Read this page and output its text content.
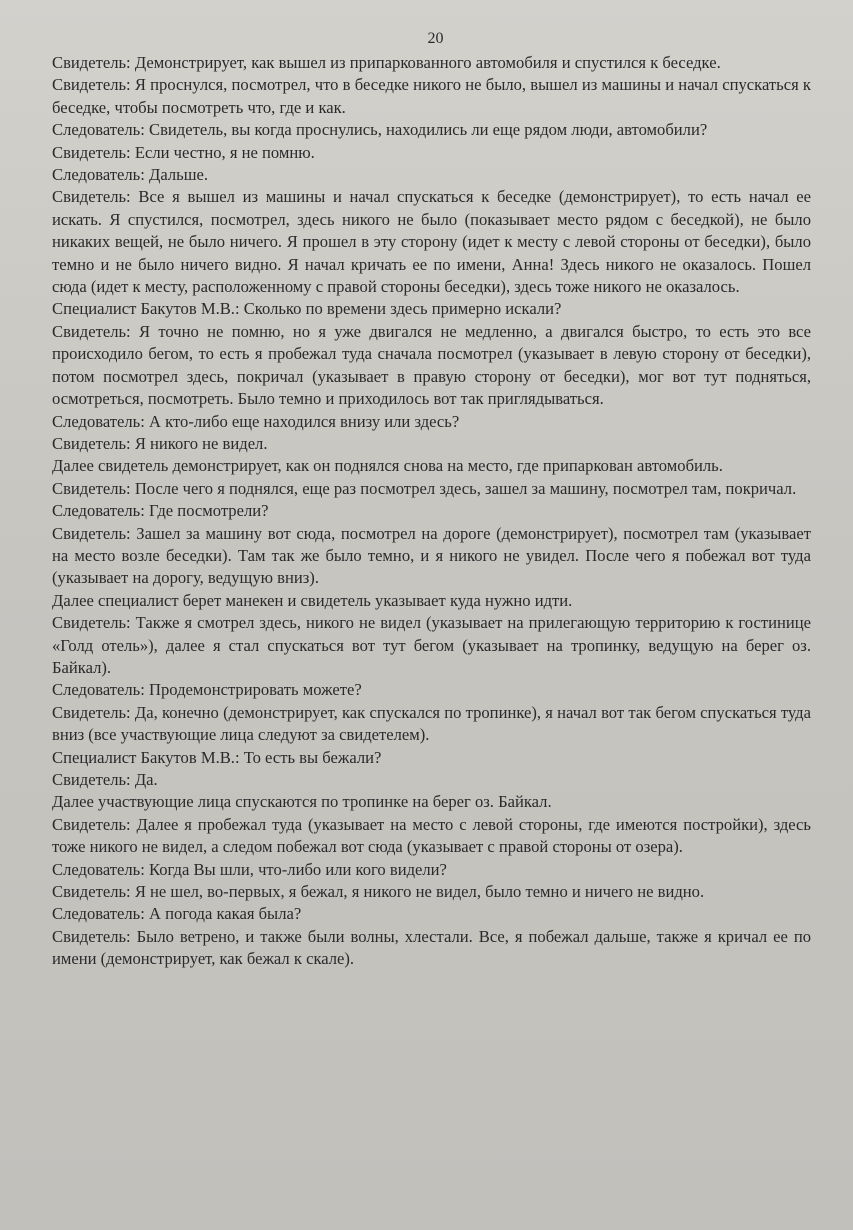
20

Свидетель: Демонстрирует, как вышел из припаркованного автомобиля и спустился к беседке.

Свидетель: Я проснулся, посмотрел, что в беседке никого не было, вышел из машины и начал спускаться к беседке, чтобы посмотреть что, где и как.

Следователь: Свидетель, вы когда проснулись, находились ли еще рядом люди, автомобили?

Свидетель: Если честно, я не помню.

Следователь: Дальше.

Свидетель: Все я вышел из машины и начал спускаться к беседке (демонстрирует), то есть начал ее искать. Я спустился, посмотрел, здесь никого не было (показывает место рядом с беседкой), не было никаких вещей, не было ничего. Я прошел в эту сторону (идет к месту с левой стороны от беседки), было темно и не было ничего видно. Я начал кричать ее по имени, Анна! Здесь никого не оказалось. Пошел сюда (идет к месту, расположенному с правой стороны беседки), здесь тоже никого не оказалось.

Специалист Бакутов М.В.: Сколько по времени здесь примерно искали?

Свидетель: Я точно не помню, но я уже двигался не медленно, а двигался быстро, то есть это все происходило бегом, то есть я пробежал туда сначала посмотрел (указывает в левую сторону от беседки), потом посмотрел здесь, покричал (указывает в правую сторону от беседки), мог вот тут подняться, осмотреться, посмотреть. Было темно и приходилось вот так приглядываться.

Следователь: А кто-либо еще находился внизу или здесь?

Свидетель: Я никого не видел.

Далее свидетель демонстрирует, как он поднялся снова на место, где припаркован автомобиль.

Свидетель: После чего я поднялся, еще раз посмотрел здесь, зашел за машину, посмотрел там, покричал.

Следователь: Где посмотрели?

Свидетель: Зашел за машину вот сюда, посмотрел на дороге (демонстрирует), посмотрел там (указывает на место возле беседки). Там так же было темно, и я никого не увидел. После чего я побежал вот туда (указывает на дорогу, ведущую вниз).

Далее специалист берет манекен и свидетель указывает куда нужно идти.

Свидетель: Также я смотрел здесь, никого не видел (указывает на прилегающую территорию к гостинице «Голд отель»), далее я стал спускаться вот тут бегом (указывает на тропинку, ведущую на берег оз. Байкал).

Следователь: Продемонстрировать можете?

Свидетель: Да, конечно (демонстрирует, как спускался по тропинке), я начал вот так бегом спускаться туда вниз (все участвующие лица следуют за свидетелем).

Специалист Бакутов М.В.: То есть вы бежали?

Свидетель: Да.

Далее участвующие лица спускаются по тропинке на берег оз. Байкал.

Свидетель: Далее я пробежал туда (указывает на место с левой стороны, где имеются постройки), здесь тоже никого не видел, а следом побежал вот сюда (указывает с правой стороны от озера).

Следователь: Когда Вы шли, что-либо или кого видели?

Свидетель: Я не шел, во-первых, я бежал, я никого не видел, было темно и ничего не видно.

Следователь: А погода какая была?

Свидетель: Было ветрено, и также были волны, хлестали. Все, я побежал дальше, также я кричал ее по имени (демонстрирует, как бежал к скале).
